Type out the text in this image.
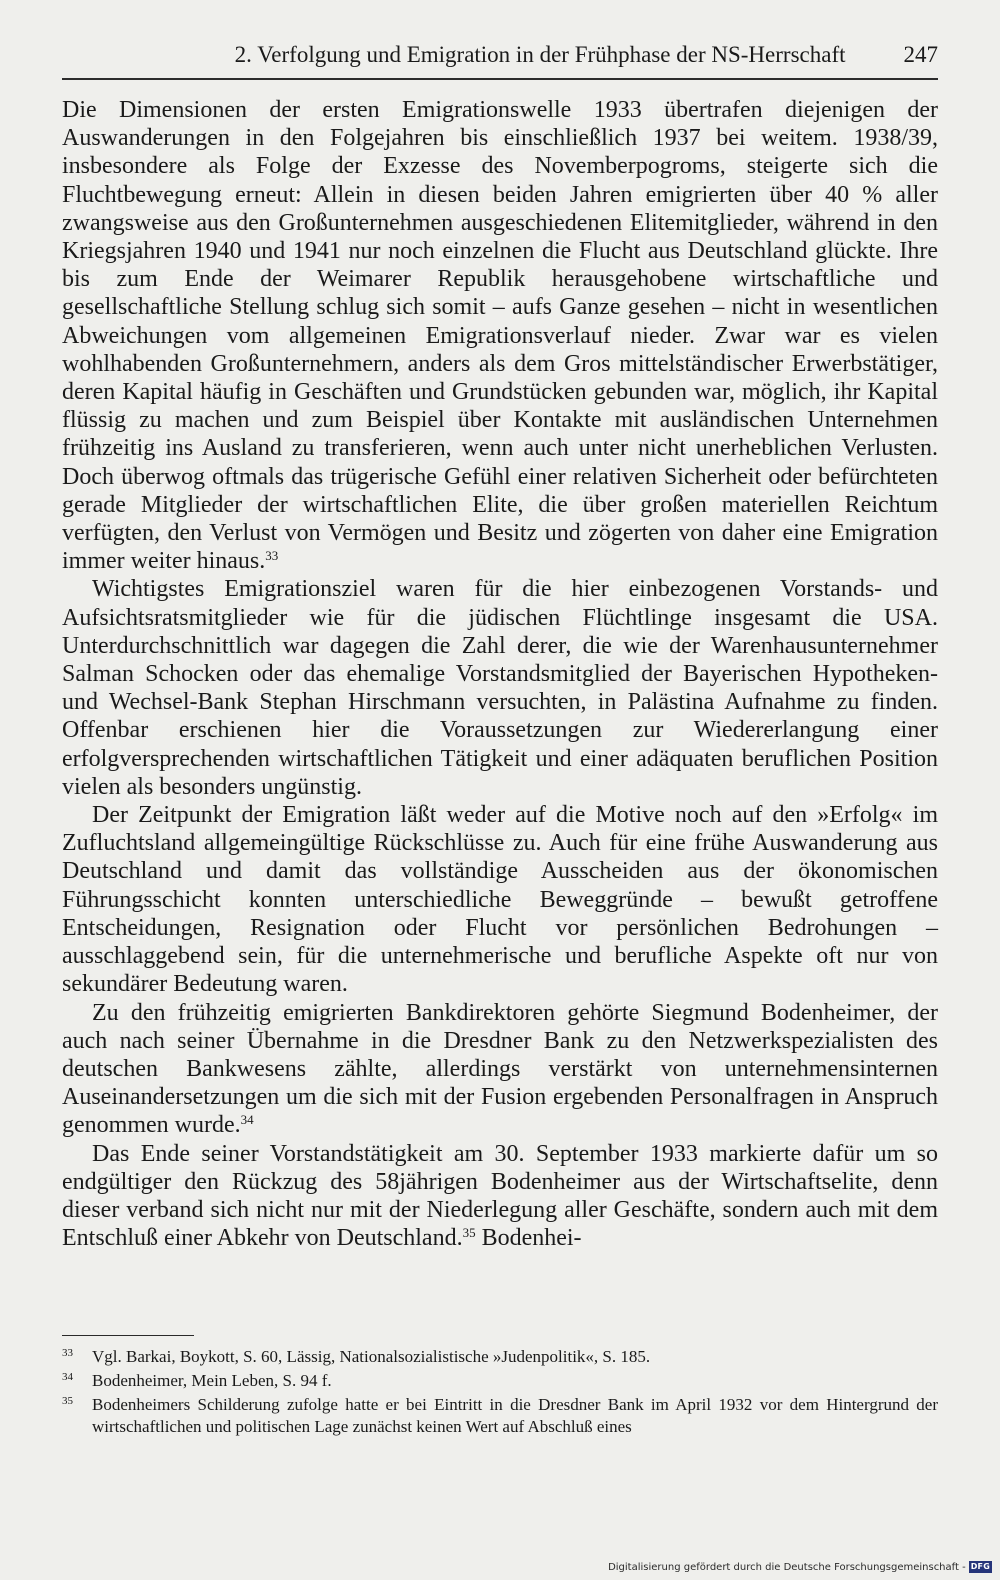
2. Verfolgung und Emigration in der Frühphase der NS-Herrschaft	247

Die Dimensionen der ersten Emigrationswelle 1933 übertrafen diejenigen der Auswanderungen in den Folgejahren bis einschließlich 1937 bei weitem. 1938/39, insbesondere als Folge der Exzesse des Novemberpogroms, steigerte sich die Fluchtbewegung erneut: Allein in diesen beiden Jahren emigrierten über 40 % aller zwangsweise aus den Großunternehmen ausgeschiedenen Elitemitglieder, während in den Kriegsjahren 1940 und 1941 nur noch einzelnen die Flucht aus Deutschland glückte. Ihre bis zum Ende der Weimarer Republik herausgehobene wirtschaftliche und gesellschaftliche Stellung schlug sich somit – aufs Ganze gesehen – nicht in wesentlichen Abweichungen vom allgemeinen Emigrationsverlauf nieder. Zwar war es vielen wohlhabenden Großunternehmern, anders als dem Gros mittelständischer Erwerbstätiger, deren Kapital häufig in Geschäften und Grundstücken gebunden war, möglich, ihr Kapital flüssig zu machen und zum Beispiel über Kontakte mit ausländischen Unternehmen frühzeitig ins Ausland zu transferieren, wenn auch unter nicht unerheblichen Verlusten. Doch überwog oftmals das trügerische Gefühl einer relativen Sicherheit oder befürchteten gerade Mitglieder der wirtschaftlichen Elite, die über großen materiellen Reichtum verfügten, den Verlust von Vermögen und Besitz und zögerten von daher eine Emigration immer weiter hinaus.$^{33}$

Wichtigstes Emigrationsziel waren für die hier einbezogenen Vorstands- und Aufsichtsratsmitglieder wie für die jüdischen Flüchtlinge insgesamt die USA. Unterdurchschnittlich war dagegen die Zahl derer, die wie der Warenhausunternehmer Salman Schocken oder das ehemalige Vorstandsmitglied der Bayerischen Hypotheken- und Wechsel-Bank Stephan Hirschmann versuchten, in Palästina Aufnahme zu finden. Offenbar erschienen hier die Voraussetzungen zur Wiedererlangung einer erfolgversprechenden wirtschaftlichen Tätigkeit und einer adäquaten beruflichen Position vielen als besonders ungünstig.

Der Zeitpunkt der Emigration läßt weder auf die Motive noch auf den »Erfolg« im Zufluchtsland allgemeingültige Rückschlüsse zu. Auch für eine frühe Auswanderung aus Deutschland und damit das vollständige Ausscheiden aus der ökonomischen Führungsschicht konnten unterschiedliche Beweggründe – bewußt getroffene Entscheidungen, Resignation oder Flucht vor persönlichen Bedrohungen – ausschlaggebend sein, für die unternehmerische und berufliche Aspekte oft nur von sekundärer Bedeutung waren.

Zu den frühzeitig emigrierten Bankdirektoren gehörte Siegmund Bodenheimer, der auch nach seiner Übernahme in die Dresdner Bank zu den Netzwerkspezialisten des deutschen Bankwesens zählte, allerdings verstärkt von unternehmensinternen Auseinandersetzungen um die sich mit der Fusion ergebenden Personalfragen in Anspruch genommen wurde.$^{34}$

Das Ende seiner Vorstandstätigkeit am 30. September 1933 markierte dafür um so endgültiger den Rückzug des 58jährigen Bodenheimer aus der Wirtschaftselite, denn dieser verband sich nicht nur mit der Niederlegung aller Geschäfte, sondern auch mit dem Entschluß einer Abkehr von Deutschland.$^{35}$ Bodenhei-

33 Vgl. Barkai, Boykott, S. 60, Lässig, Nationalsozialistische »Judenpolitik«, S. 185.
34 Bodenheimer, Mein Leben, S. 94 f.
35 Bodenheimers Schilderung zufolge hatte er bei Eintritt in die Dresdner Bank im April 1932 vor dem Hintergrund der wirtschaftlichen und politischen Lage zunächst keinen Wert auf Abschluß eines
Digitalisierung gefördert durch die Deutsche Forschungsgemeinschaft - DFG
